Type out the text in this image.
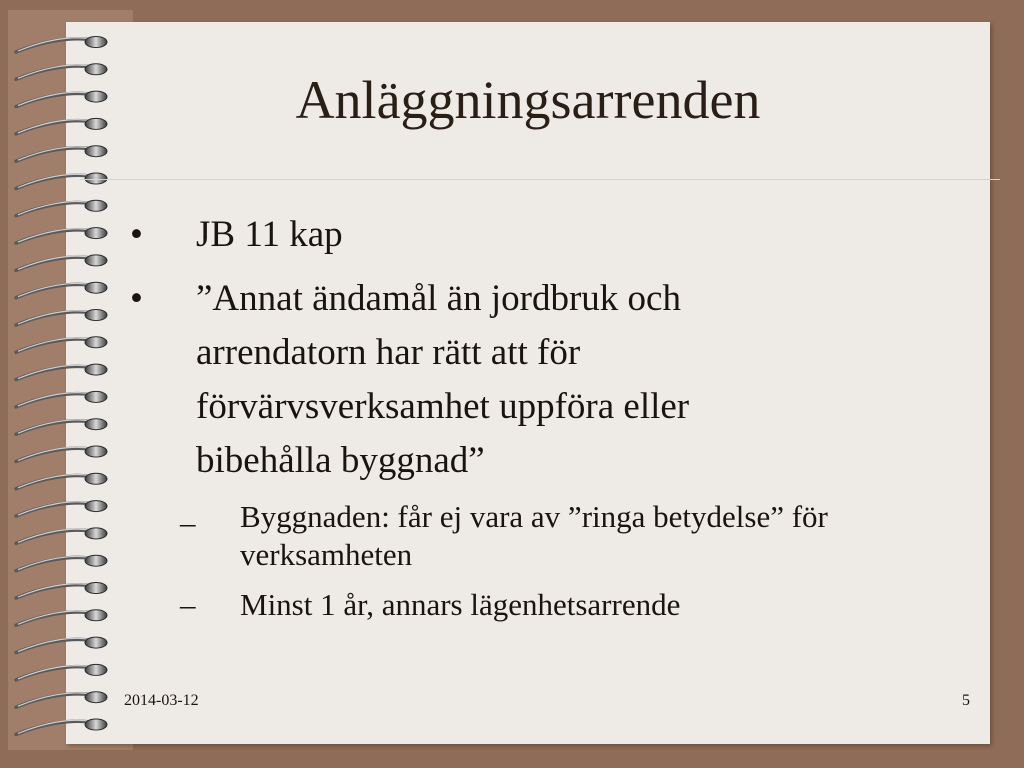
Anläggningsarrenden
•	JB 11 kap
•	”Annat ändamål än jordbruk och arrendatorn har rätt att för förvärvsverksamhet uppföra eller bibehålla byggnad”
–	Byggnaden: får ej vara av ”ringa betydelse” för verksamheten
–	Minst 1 år, annars lägenhetsarrende
2014-03-12	5
